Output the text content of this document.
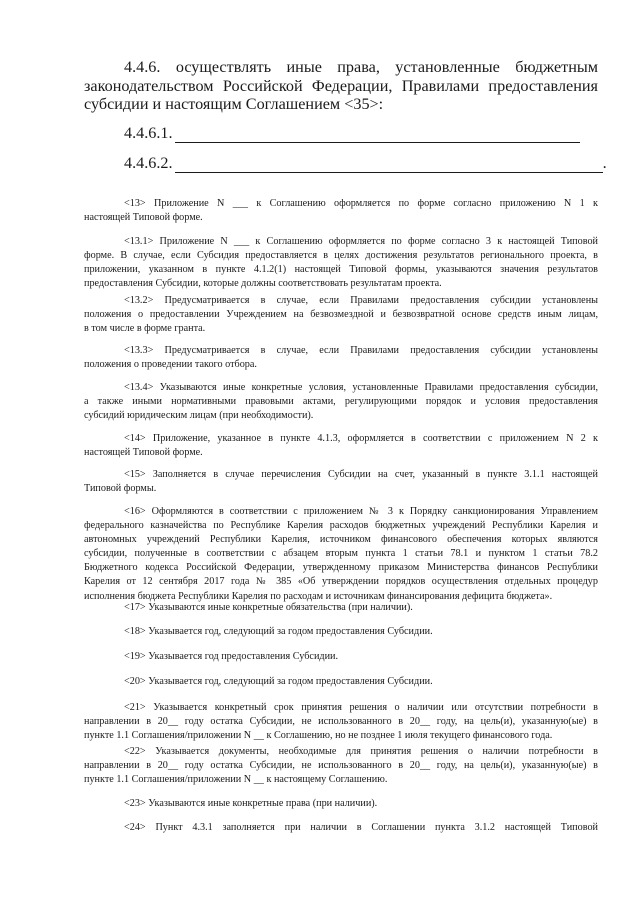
4.4.6. осуществлять иные права, установленные бюджетным
законодательством Российской Федерации, Правилами предоставления
субсидии и настоящим Соглашением <35>:

4.4.6.1.
4.4.6.2.	.

<13> Приложение N ___ к Соглашению оформляется по форме согласно приложению N 1 к
настоящей Типовой форме.

<13.1> Приложение N ___ к Соглашению оформляется по форме согласно 3 к настоящей Типовой
форме. В случае, если Субсидия предоставляется в целях достижения результатов регионального проекта, в
приложении, указанном в пункте 4.1.2(1) настоящей Типовой формы, указываются значения результатов
предоставления Субсидии, которые должны соответствовать результатам проекта.

<13.2> Предусматривается в случае, если Правилами предоставления субсидии установлены
положения о предоставлении Учреждением на безвозмездной и безвозвратной основе средств иным лицам,
в том числе в форме гранта.

<13.3> Предусматривается в случае, если Правилами предоставления субсидии установлены
положения о проведении такого отбора.

<13.4> Указываются иные конкретные условия, установленные Правилами предоставления субсидии,
а также иными нормативными правовыми актами, регулирующими порядок и условия предоставления
субсидий юридическим лицам (при необходимости).

<14> Приложение, указанное в пункте 4.1.3, оформляется в соответствии с приложением N 2 к
настоящей Типовой форме.

<15> Заполняется в случае перечисления Субсидии на счет, указанный в пункте 3.1.1 настоящей
Типовой формы.

<16> Оформляются в соответствии с приложением № 3 к Порядку санкционирования Управлением
федерального казначейства по Республике Карелия расходов бюджетных учреждений Республики Карелия и
автономных учреждений Республики Карелия, источником финансового обеспечения которых являются
субсидии, полученные в соответствии с абзацем вторым пункта 1 статьи 78.1 и пунктом 1 статьи 78.2
Бюджетного кодекса Российской Федерации, утвержденному приказом Министерства финансов Республики
Карелия от 12 сентября 2017 года № 385 «Об утверждении порядков осуществления отдельных процедур
исполнения бюджета Республики Карелия по расходам и источникам финансирования дефицита бюджета».

<17> Указываются иные конкретные обязательства (при наличии).

<18> Указывается год, следующий за годом предоставления Субсидии.

<19> Указывается год предоставления Субсидии.

<20> Указывается год, следующий за годом предоставления Субсидии.

<21> Указывается конкретный срок принятия решения о наличии или отсутствии потребности в
направлении в 20__ году остатка Субсидии, не использованного в 20__ году, на цель(и), указанную(ые) в
пункте 1.1 Соглашения/приложении N __ к Соглашению, но не позднее 1 июля текущего финансового года.

<22> Указывается документы, необходимые для принятия решения о наличии потребности в
направлении в 20__ году остатка Субсидии, не использованного в 20__ году, на цель(и), указанную(ые) в
пункте 1.1 Соглашения/приложении N __ к настоящему Соглашению.

<23> Указываются иные конкретные права (при наличии).

<24> Пункт 4.3.1 заполняется при наличии в Соглашении пункта 3.1.2 настоящей Типовой
